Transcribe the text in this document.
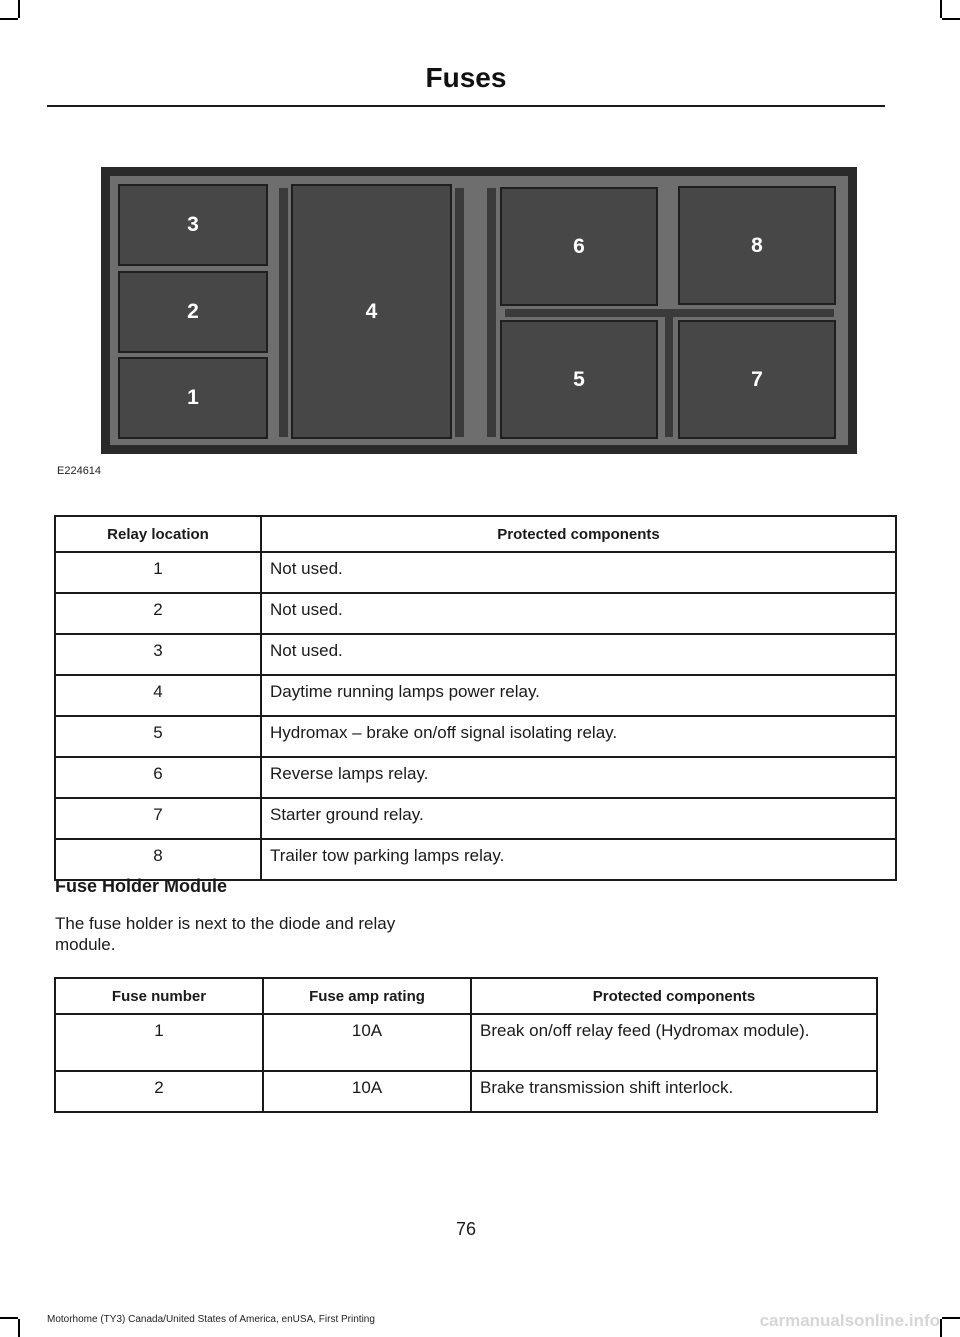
Fuses
3
2
1
4
6	8
5	7
E224614
Relay location	Protected components
1	Not used.
2	Not used.
3	Not used.
4	Daytime running lamps power relay.
5	Hydromax – brake on/off signal isolating relay.
6	Reverse lamps relay.
7	Starter ground relay.
8	Trailer tow parking lamps relay.
Fuse Holder Module
The fuse holder is next to the diode and relay module.
Fuse number	Fuse amp rating	Protected components
1	10A	Break on/off relay feed (Hydromax module).
2	10A	Brake transmission shift interlock.
76
Motorhome (TY3) Canada/United States of America, enUSA, First Printing	carmanualsonline.info
